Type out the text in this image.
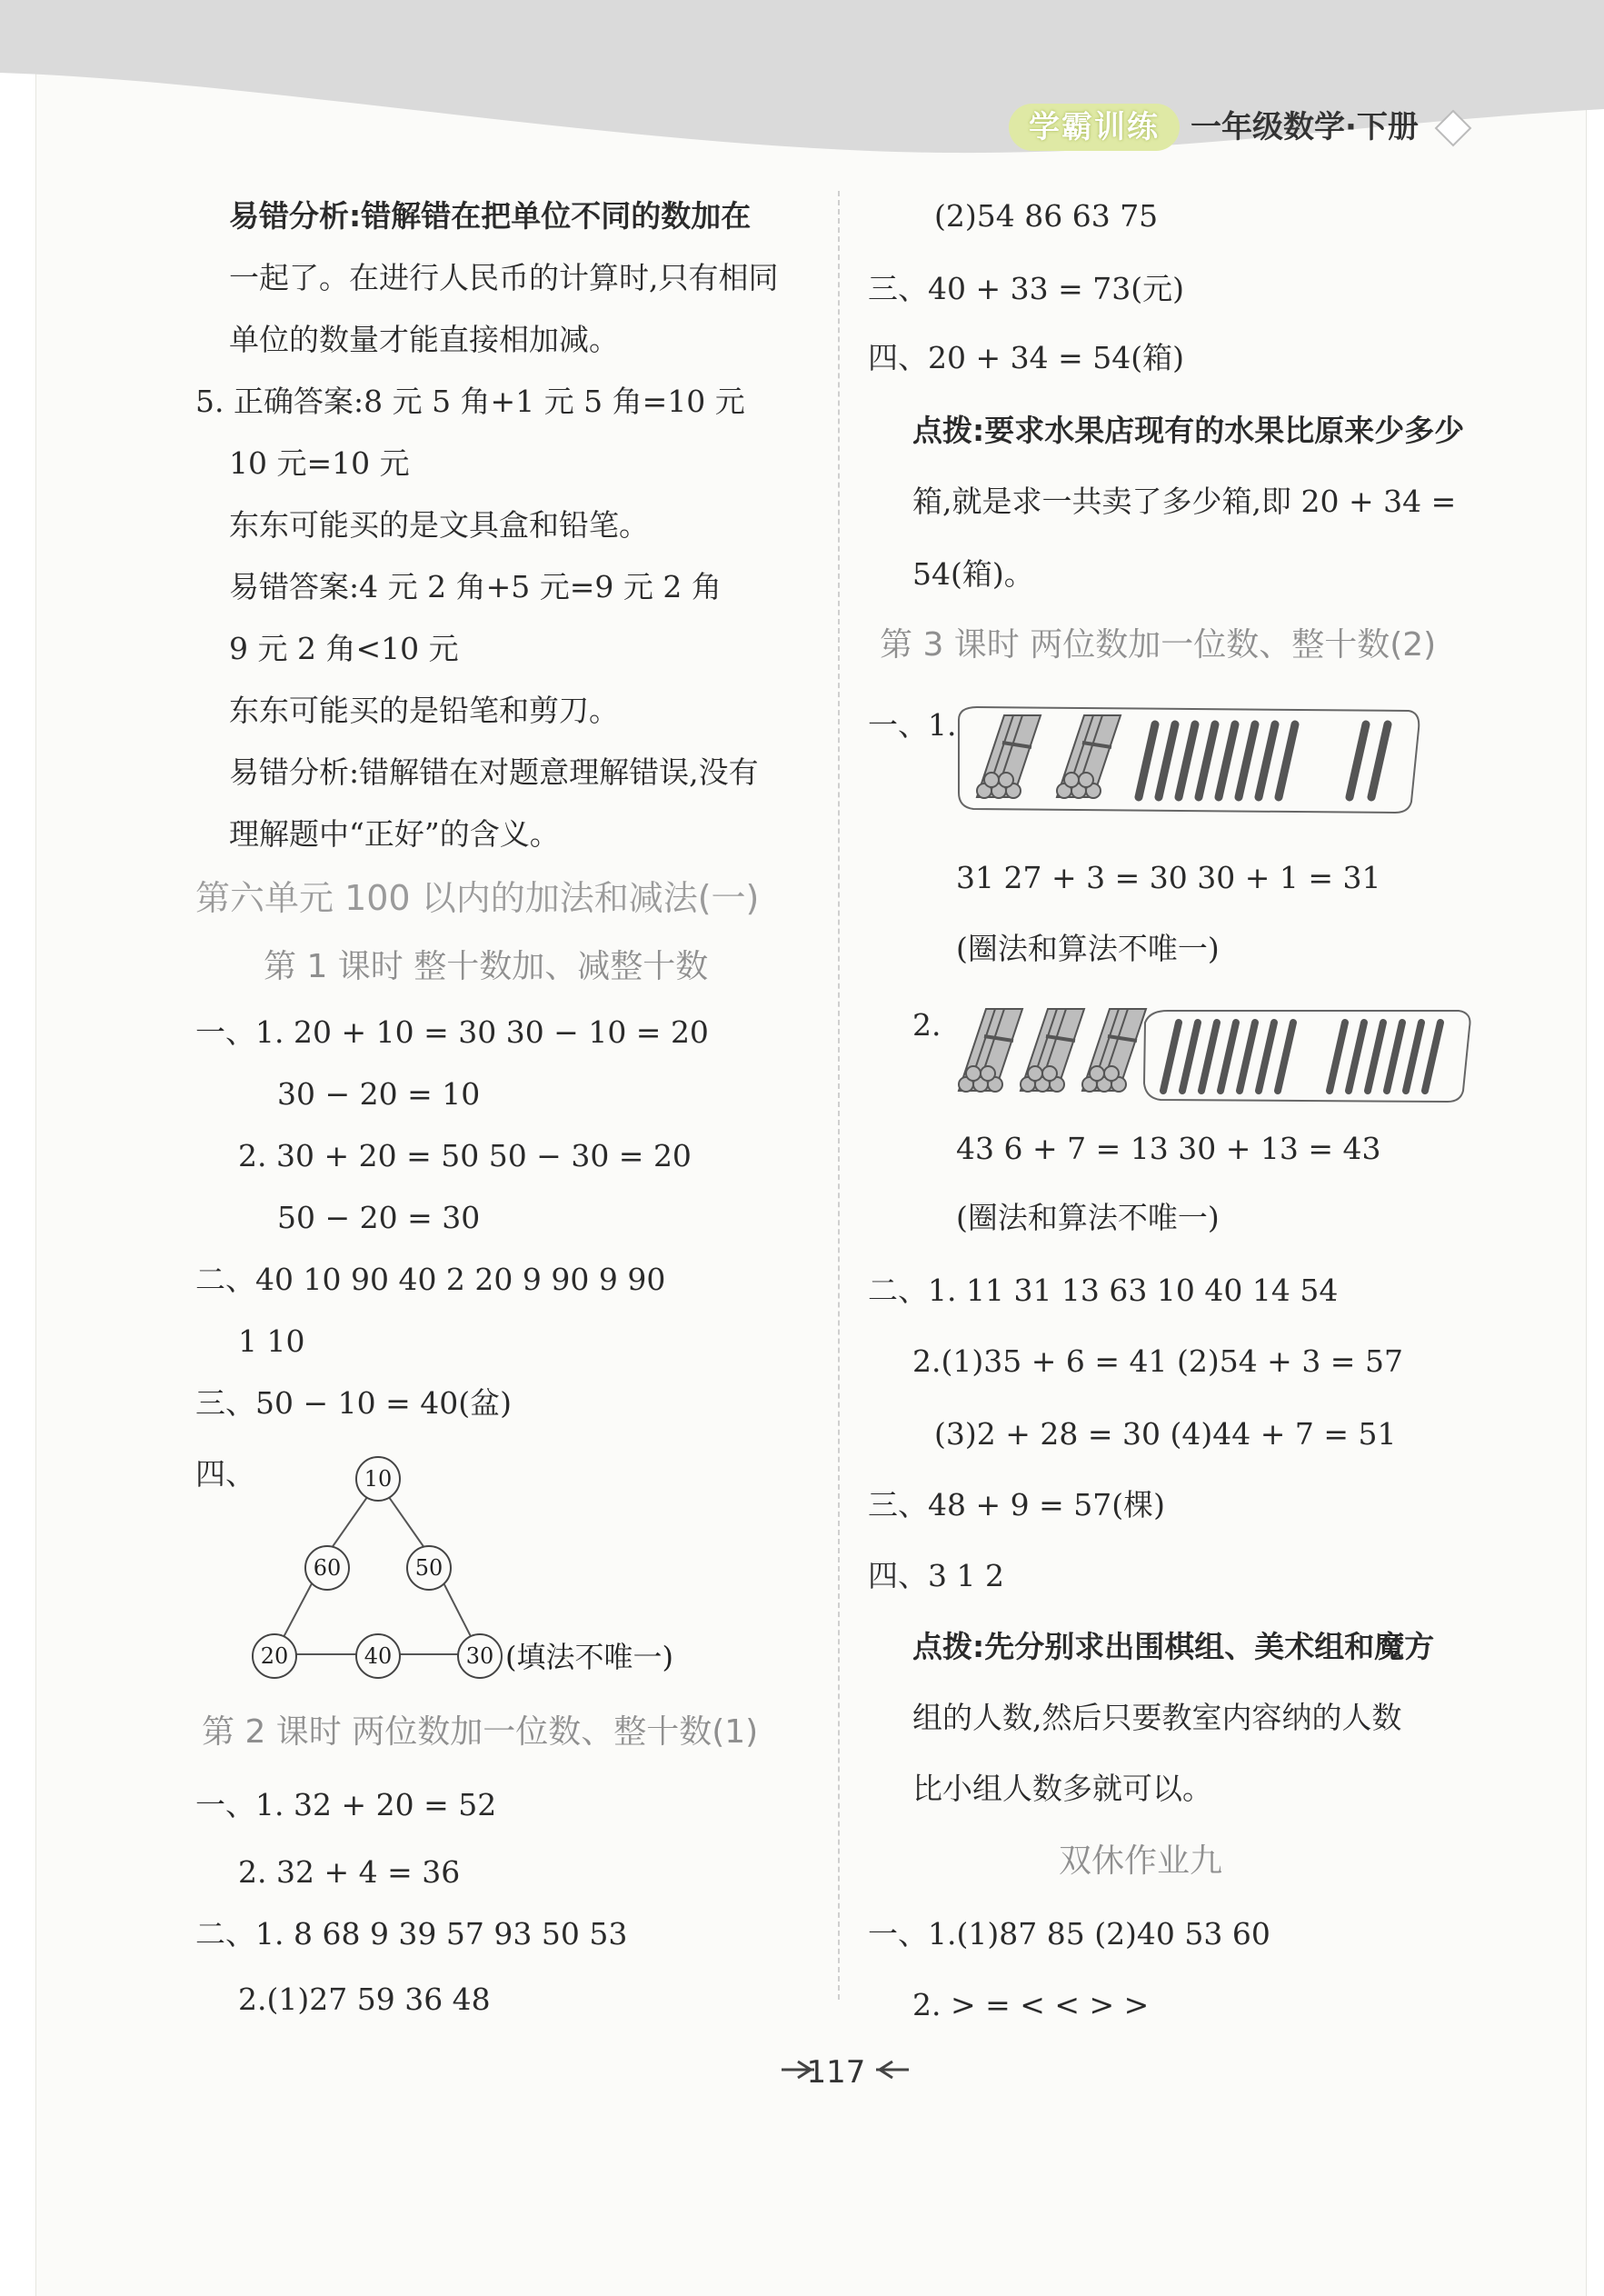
学霸训练	一年级数学·下册
易错分析:错解错在把单位不同的数加在
一起了。在进行人民币的计算时,只有相同
单位的数量才能直接相加减。
5. 正确答案:8 元 5 角+1 元 5 角=10 元
10 元=10 元
东东可能买的是文具盒和铅笔。
易错答案:4 元 2 角+5 元=9 元 2 角
9 元 2 角<10 元
东东可能买的是铅笔和剪刀。
易错分析:错解错在对题意理解错误,没有
理解题中“正好”的含义。
第六单元 100 以内的加法和减法(一)
第 1 课时 整十数加、减整十数
一、1. 20 + 10 = 30 30 − 10 = 20
30 − 20 = 10
2. 30 + 20 = 50 50 − 30 = 20
50 − 20 = 30
二、40 10 90 40 2 20 9 90 9 90
1 10
三、50 − 10 = 40(盆)
四、	10
60	50
20	40	30 (填法不唯一)
第 2 课时 两位数加一位数、整十数(1)
一、1. 32 + 20 = 52
2. 32 + 4 = 36
二、1. 8 68 9 39 57 93 50 53
2.(1)27 59 36 48
(2)54 86 63 75
三、40 + 33 = 73(元)
四、20 + 34 = 54(箱)
点拨:要求水果店现有的水果比原来少多少
箱,就是求一共卖了多少箱,即 20 + 34 =
54(箱)。
第 3 课时 两位数加一位数、整十数(2)
一、1.
31 27 + 3 = 30 30 + 1 = 31
(圈法和算法不唯一)
2.
43 6 + 7 = 13 30 + 13 = 43
(圈法和算法不唯一)
二、1. 11 31 13 63 10 40 14 54
2.(1)35 + 6 = 41 (2)54 + 3 = 57
(3)2 + 28 = 30 (4)44 + 7 = 51
三、48 + 9 = 57(棵)
四、3 1 2
点拨:先分别求出围棋组、美术组和魔方
组的人数,然后只要教室内容纳的人数
比小组人数多就可以。
双休作业九
一、1.(1)87 85 (2)40 53 60
2. > = < < > >
117
